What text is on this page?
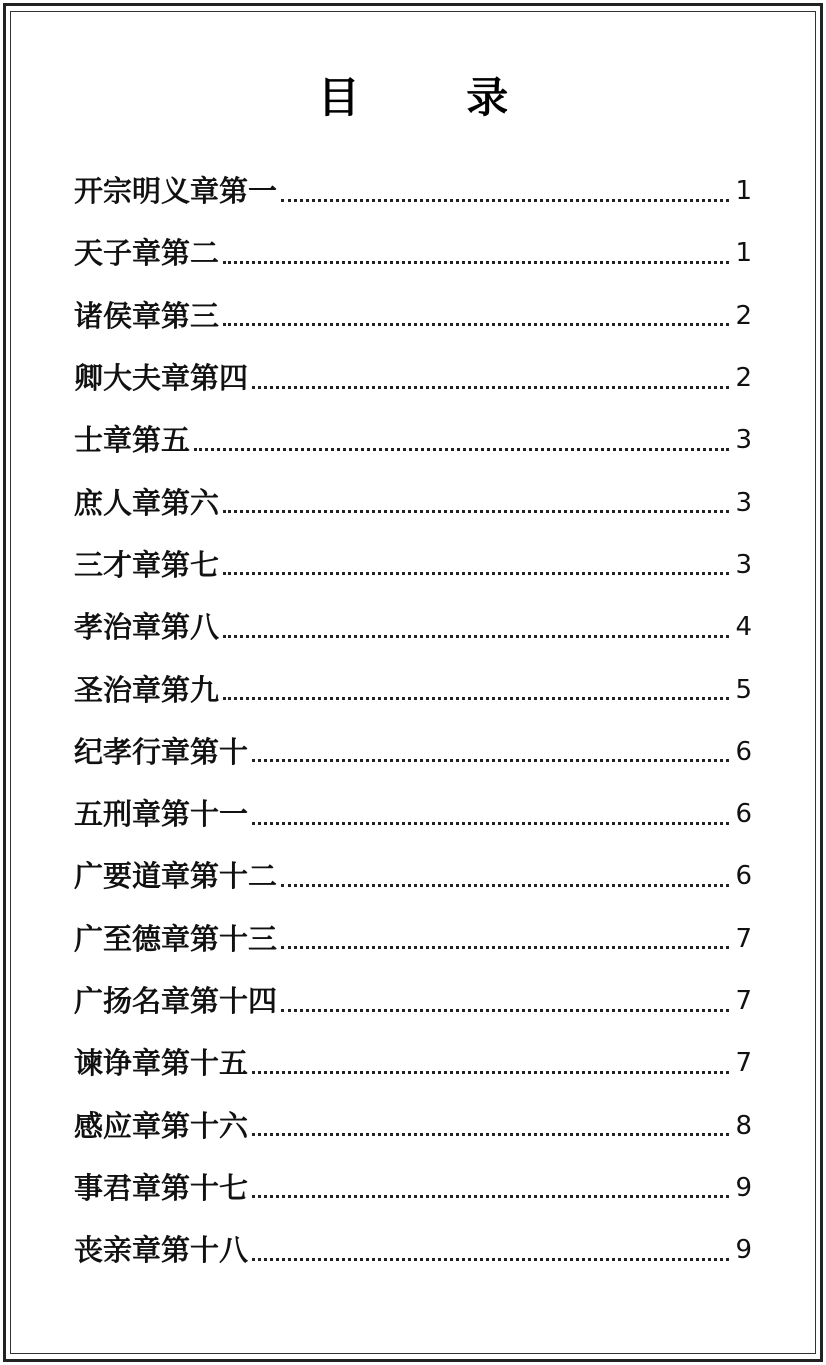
目 录
开宗明义章第一	1
天子章第二	1
诸侯章第三	2
卿大夫章第四	2
士章第五	3
庶人章第六	3
三才章第七	3
孝治章第八	4
圣治章第九	5
纪孝行章第十	6
五刑章第十一	6
广要道章第十二	6
广至德章第十三	7
广扬名章第十四	7
谏诤章第十五	7
感应章第十六	8
事君章第十七	9
丧亲章第十八	9
